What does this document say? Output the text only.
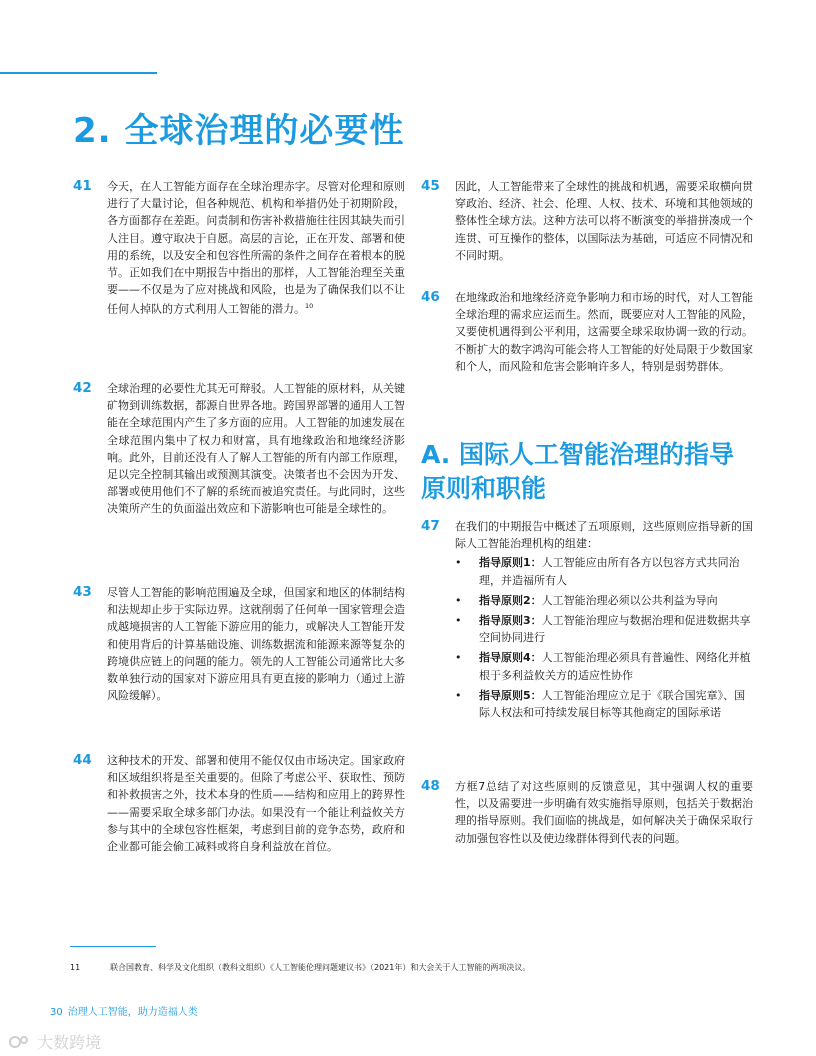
2. 全球治理的必要性
41 今天，在人工智能方面存在全球治理赤字。尽管对伦理和原则进行了大量讨论，但各种规范、机构和举措仍处于初期阶段，各方面都存在差距。问责制和伤害补救措施往往因其缺失而引人注目。遵守取决于自愿。高层的言论，正在开发、部署和使用的系统，以及安全和包容性所需的条件之间存在着根本的脱节。正如我们在中期报告中指出的那样，人工智能治理至关重要——不仅是为了应对挑战和风险，也是为了确保我们以不让任何人掉队的方式利用人工智能的潜力。$^{10}$

42 全球治理的必要性尤其无可辩驳。人工智能的原材料，从关键矿物到训练数据，都源自世界各地。跨国界部署的通用人工智能在全球范围内产生了多方面的应用。人工智能的加速发展在全球范围内集中了权力和财富，具有地缘政治和地缘经济影响。此外，目前还没有人了解人工智能的所有内部工作原理，足以完全控制其输出或预测其演变。决策者也不会因为开发、部署或使用他们不了解的系统而被追究责任。与此同时，这些决策所产生的负面溢出效应和下游影响也可能是全球性的。

43 尽管人工智能的影响范围遍及全球，但国家和地区的体制结构和法规却止步于实际边界。这就削弱了任何单一国家管理会造成越境损害的人工智能下游应用的能力，或解决人工智能开发和使用背后的计算基础设施、训练数据流和能源来源等复杂的跨境供应链上的问题的能力。领先的人工智能公司通常比大多数单独行动的国家对下游应用具有更直接的影响力（通过上游风险缓解）。

44 这种技术的开发、部署和使用不能仅仅由市场决定。国家政府和区域组织将是至关重要的。但除了考虑公平、获取性、预防和补救损害之外，技术本身的性质——结构和应用上的跨界性——需要采取全球多部门办法。如果没有一个能让利益攸关方参与其中的全球包容性框架，考虑到目前的竞争态势，政府和企业都可能会偷工减料或将自身利益放在首位。

45 因此，人工智能带来了全球性的挑战和机遇，需要采取横向贯穿政治、经济、社会、伦理、人权、技术、环境和其他领域的整体性全球方法。这种方法可以将不断演变的举措拼凑成一个连贯、可互操作的整体，以国际法为基础，可适应不同情况和不同时期。

46 在地缘政治和地缘经济竞争影响力和市场的时代，对人工智能全球治理的需求应运而生。然而，既要应对人工智能的风险，又要使机遇得到公平利用，这需要全球采取协调一致的行动。不断扩大的数字鸿沟可能会将人工智能的好处局限于少数国家和个人，而风险和危害会影响许多人，特别是弱势群体。

A. 国际人工智能治理的指导原则和职能
47 在我们的中期报告中概述了五项原则，这些原则应指导新的国际人工智能治理机构的组建：

• 指导原则1：人工智能应由所有各方以包容方式共同治理，并造福所有人
• 指导原则2：人工智能治理必须以公共利益为导向
• 指导原则3：人工智能治理应与数据治理和促进数据共享空间协同进行
• 指导原则4：人工智能治理必须具有普遍性、网络化并植根于多利益攸关方的适应性协作
• 指导原则5：人工智能治理应立足于《联合国宪章》、国际人权法和可持续发展目标等其他商定的国际承诺
48 方框7总结了对这些原则的反馈意见，其中强调人权的重要性，以及需要进一步明确有效实施指导原则，包括关于数据治理的指导原则。我们面临的挑战是，如何解决关于确保采取行动加强包容性以及使边缘群体得到代表的问题。

11	联合国教育、科学及文化组织（教科文组织）《人工智能伦理问题建议书》（2021年）和大会关于人工智能的两项决议。
30 治理人工智能，助力造福人类
大数跨境
